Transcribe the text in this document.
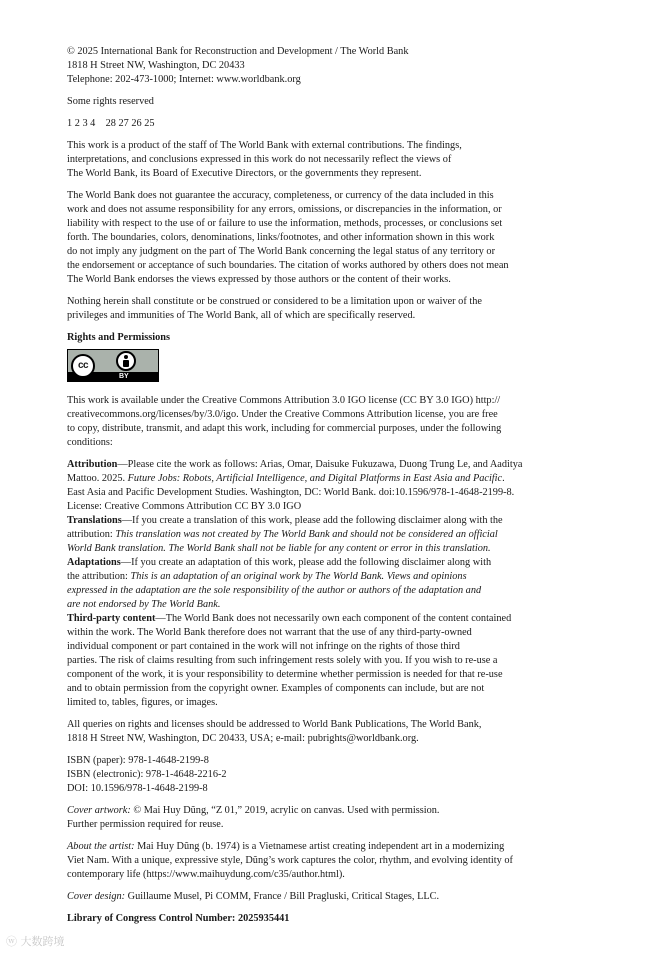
© 2025 International Bank for Reconstruction and Development / The World Bank
1818 H Street NW, Washington, DC 20433
Telephone: 202-473-1000; Internet: www.worldbank.org

Some rights reserved

1 2 3 4    28 27 26 25

This work is a product of the staff of The World Bank with external contributions. The findings,
interpretations, and conclusions expressed in this work do not necessarily reflect the views of
The World Bank, its Board of Executive Directors, or the governments they represent.

The World Bank does not guarantee the accuracy, completeness, or currency of the data included in this
work and does not assume responsibility for any errors, omissions, or discrepancies in the information, or
liability with respect to the use of or failure to use the information, methods, processes, or conclusions set
forth. The boundaries, colors, denominations, links/footnotes, and other information shown in this work
do not imply any judgment on the part of The World Bank concerning the legal status of any territory or
the endorsement or acceptance of such boundaries. The citation of works authored by others does not mean
The World Bank endorses the views expressed by those authors or the content of their works.

Nothing herein shall constitute or be construed or considered to be a limitation upon or waiver of the
privileges and immunities of The World Bank, all of which are specifically reserved.

Rights and Permissions

cc
BY

This work is available under the Creative Commons Attribution 3.0 IGO license (CC BY 3.0 IGO) http://
creativecommons.org/licenses/by/3.0/igo. Under the Creative Commons Attribution license, you are free
to copy, distribute, transmit, and adapt this work, including for commercial purposes, under the following
conditions:

Attribution—Please cite the work as follows: Arias, Omar, Daisuke Fukuzawa, Duong Trung Le, and Aaditya
Mattoo. 2025. Future Jobs: Robots, Artificial Intelligence, and Digital Platforms in East Asia and Pacific.
East Asia and Pacific Development Studies. Washington, DC: World Bank. doi:10.1596/978-1-4648-2199-8.
License: Creative Commons Attribution CC BY 3.0 IGO
Translations—If you create a translation of this work, please add the following disclaimer along with the
attribution: This translation was not created by The World Bank and should not be considered an official
World Bank translation. The World Bank shall not be liable for any content or error in this translation.
Adaptations—If you create an adaptation of this work, please add the following disclaimer along with
the attribution: This is an adaptation of an original work by The World Bank. Views and opinions
expressed in the adaptation are the sole responsibility of the author or authors of the adaptation and
are not endorsed by The World Bank.
Third-party content—The World Bank does not necessarily own each component of the content contained
within the work. The World Bank therefore does not warrant that the use of any third-party-owned
individual component or part contained in the work will not infringe on the rights of those third
parties. The risk of claims resulting from such infringement rests solely with you. If you wish to re-use a
component of the work, it is your responsibility to determine whether permission is needed for that re-use
and to obtain permission from the copyright owner. Examples of components can include, but are not
limited to, tables, figures, or images.

All queries on rights and licenses should be addressed to World Bank Publications, The World Bank,
1818 H Street NW, Washington, DC 20433, USA; e-mail: pubrights@worldbank.org.

ISBN (paper): 978-1-4648-2199-8
ISBN (electronic): 978-1-4648-2216-2
DOI: 10.1596/978-1-4648-2199-8

Cover artwork: © Mai Huy Dũng, “Z 01,” 2019, acrylic on canvas. Used with permission.
Further permission required for reuse.

About the artist: Mai Huy Dũng (b. 1974) is a Vietnamese artist creating independent art in a modernizing
Viet Nam. With a unique, expressive style, Dũng’s work captures the color, rhythm, and evolving identity of
contemporary life (https://www.maihuydung.com/c35/author.html).

Cover design: Guillaume Musel, Pi COMM, France / Bill Pragluski, Critical Stages, LLC.

Library of Congress Control Number: 2025935441

ⓦ 大数跨境
